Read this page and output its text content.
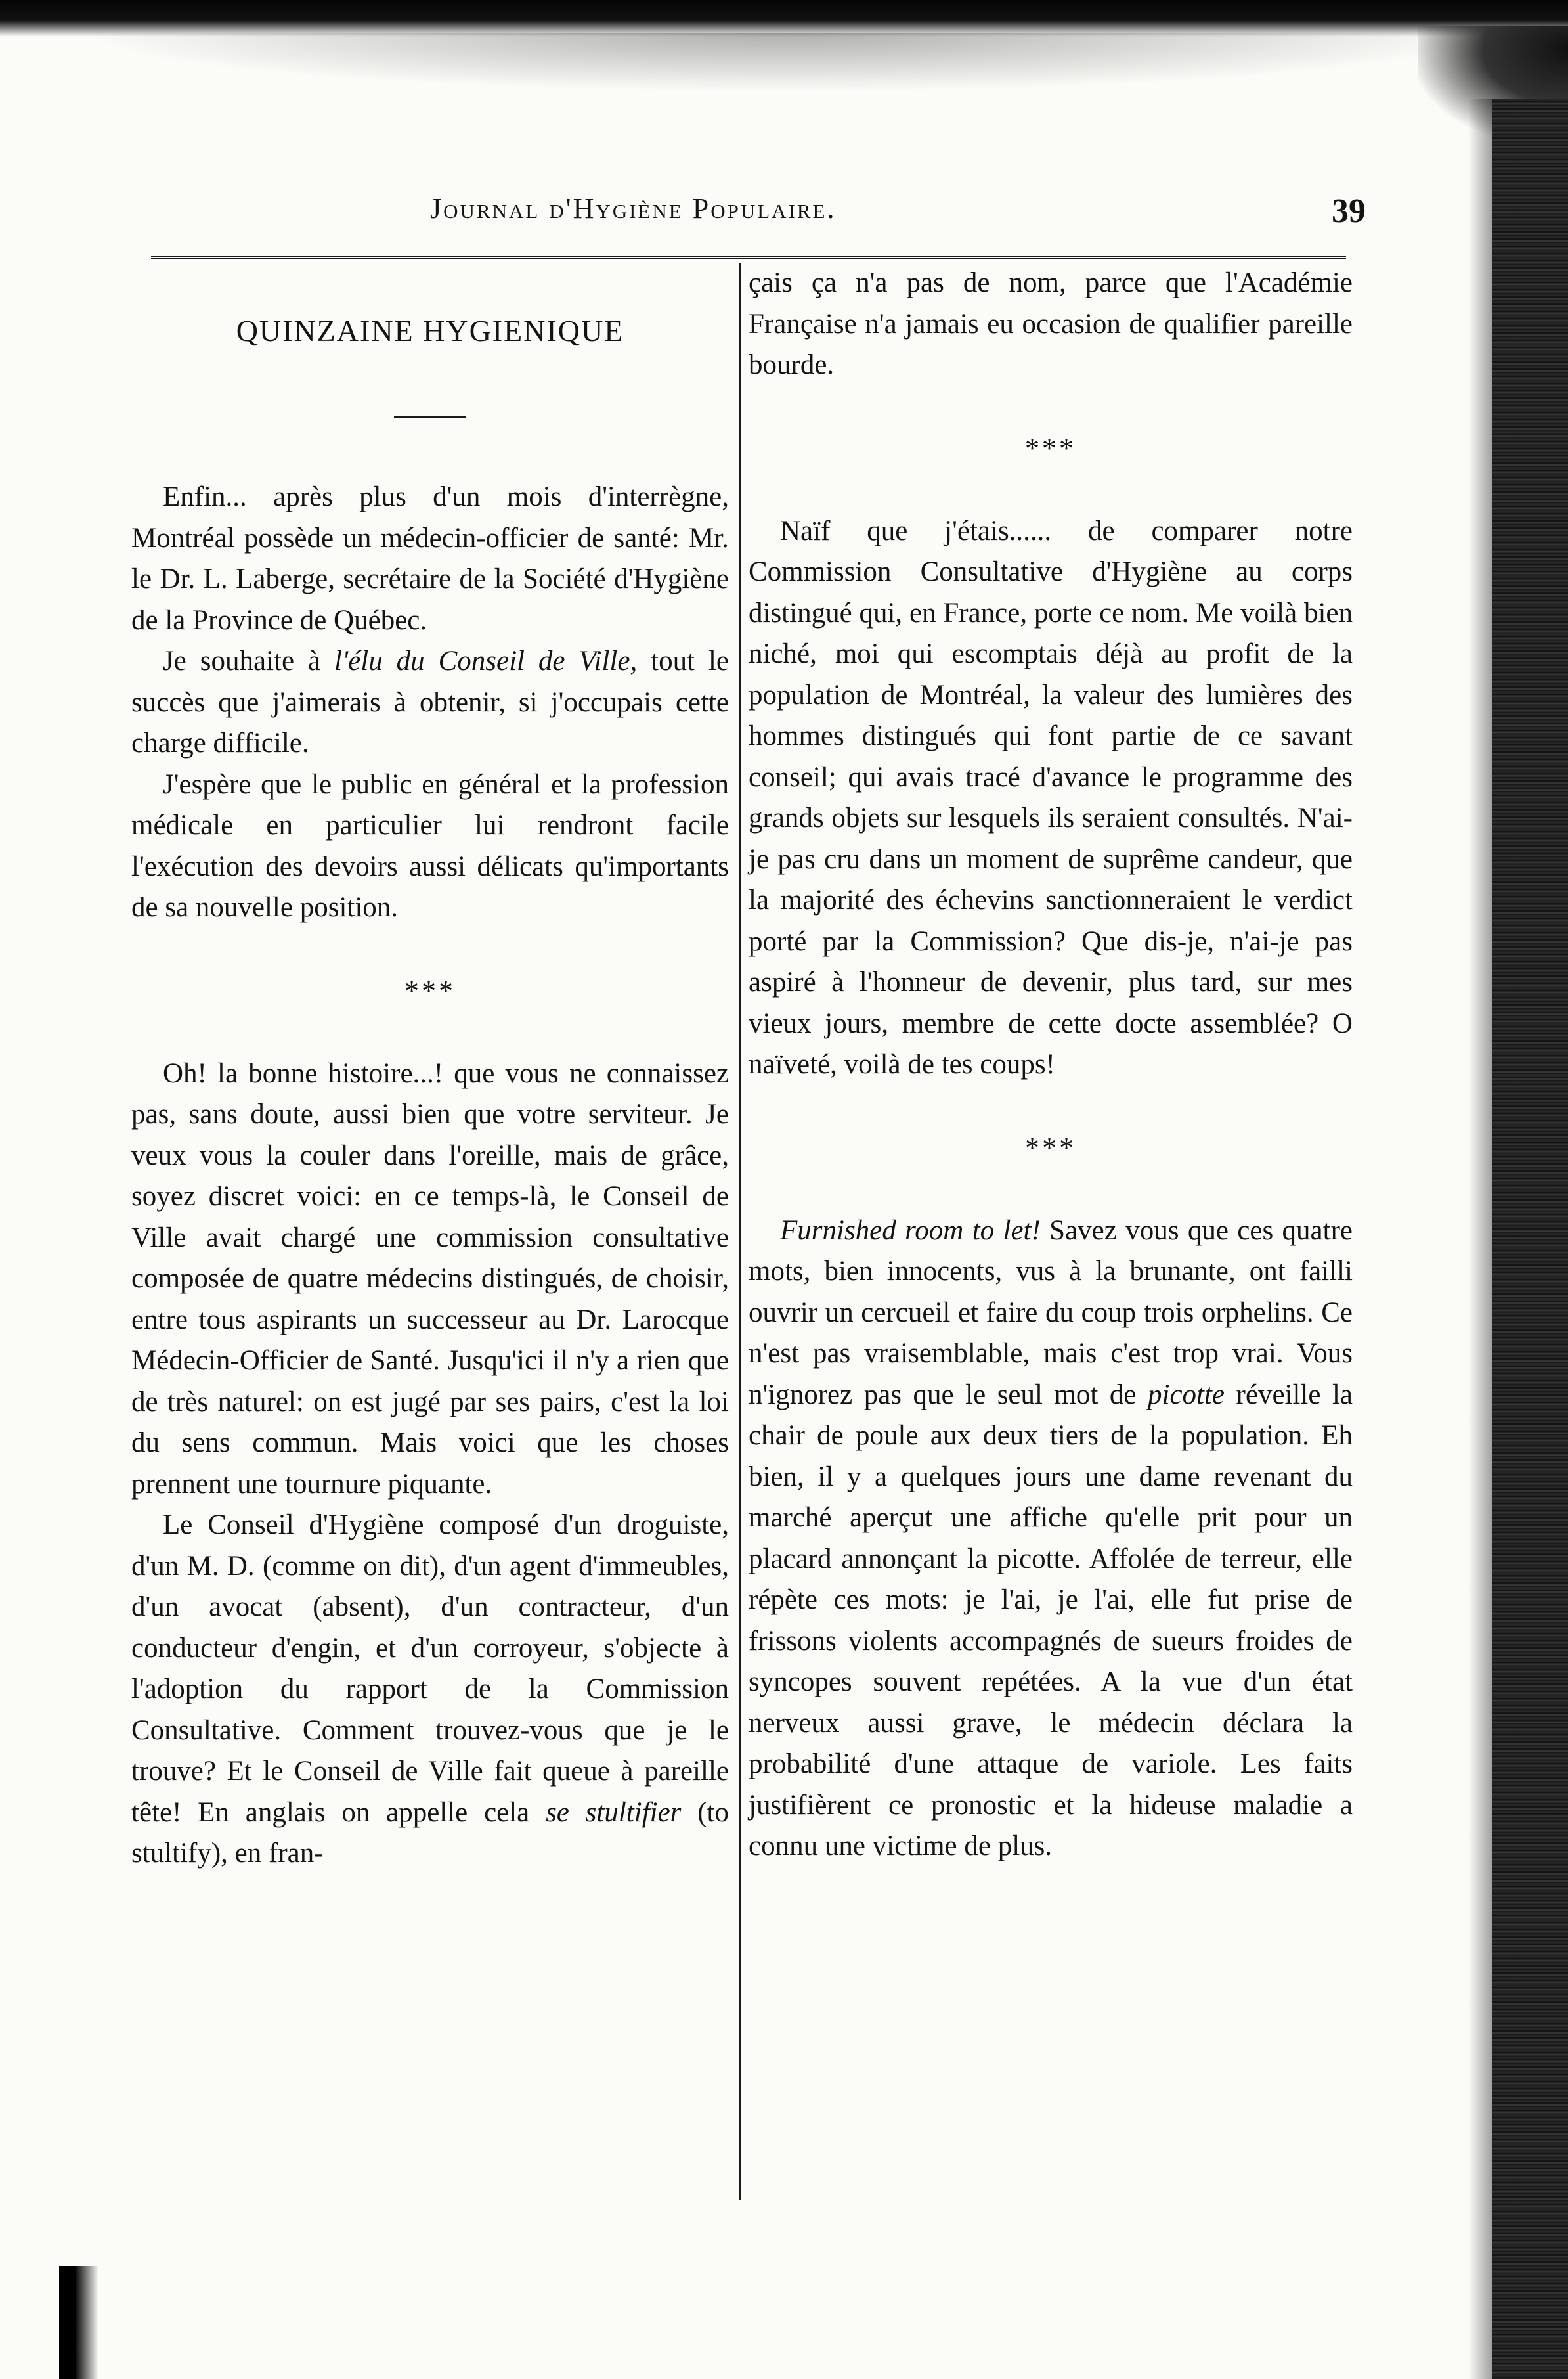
Journal d'Hygiène Populaire.	39

QUINZAINE HYGIENIQUE

Enfin... après plus d'un mois d'interrègne, Montréal possède un médecin-officier de santé: Mr. le Dr. L. Laberge, secrétaire de la Société d'Hygiène de la Province de Québec.

Je souhaite à l'élu du Conseil de Ville, tout le succès que j'aimerais à obtenir, si j'occupais cette charge difficile.

J'espère que le public en général et la profession médicale en particulier lui rendront facile l'exécution des devoirs aussi délicats qu'importants de sa nouvelle position.

***

Oh! la bonne histoire...! que vous ne connaissez pas, sans doute, aussi bien que votre serviteur. Je veux vous la couler dans l'oreille, mais de grâce, soyez discret voici: en ce temps-là, le Conseil de Ville avait chargé une commission consultative composée de quatre médecins distingués, de choisir, entre tous aspirants un successeur au Dr. Larocque Médecin-Officier de Santé. Jusqu'ici il n'y a rien que de très naturel: on est jugé par ses pairs, c'est la loi du sens commun. Mais voici que les choses prennent une tournure piquante.

Le Conseil d'Hygiène composé d'un droguiste, d'un M. D. (comme on dit), d'un agent d'immeubles, d'un avocat (absent), d'un contracteur, d'un conducteur d'engin, et d'un corroyeur, s'objecte à l'adoption du rapport de la Commission Consultative. Comment trouvez-vous que je le trouve? Et le Conseil de Ville fait queue à pareille tête! En anglais on appelle cela se stultifier (to stultify), en fran-

çais ça n'a pas de nom, parce que l'Académie Française n'a jamais eu occasion de qualifier pareille bourde.

***

Naïf que j'étais...... de comparer notre Commission Consultative d'Hygiène au corps distingué qui, en France, porte ce nom. Me voilà bien niché, moi qui escomptais déjà au profit de la population de Montréal, la valeur des lumières des hommes distingués qui font partie de ce savant conseil; qui avais tracé d'avance le programme des grands objets sur lesquels ils seraient consultés. N'ai-je pas cru dans un moment de suprême candeur, que la majorité des échevins sanctionneraient le verdict porté par la Commission? Que dis-je, n'ai-je pas aspiré à l'honneur de devenir, plus tard, sur mes vieux jours, membre de cette docte assemblée? O naïveté, voilà de tes coups!

***

Furnished room to let! Savez vous que ces quatre mots, bien innocents, vus à la brunante, ont failli ouvrir un cercueil et faire du coup trois orphelins. Ce n'est pas vraisemblable, mais c'est trop vrai. Vous n'ignorez pas que le seul mot de picotte réveille la chair de poule aux deux tiers de la population. Eh bien, il y a quelques jours une dame revenant du marché aperçut une affiche qu'elle prit pour un placard annonçant la picotte. Affolée de terreur, elle répète ces mots: je l'ai, je l'ai, elle fut prise de frissons violents accompagnés de sueurs froides de syncopes souvent repétées. A la vue d'un état nerveux aussi grave, le médecin déclara la probabilité d'une attaque de variole. Les faits justifièrent ce pronostic et la hideuse maladie a connu une victime de plus.
